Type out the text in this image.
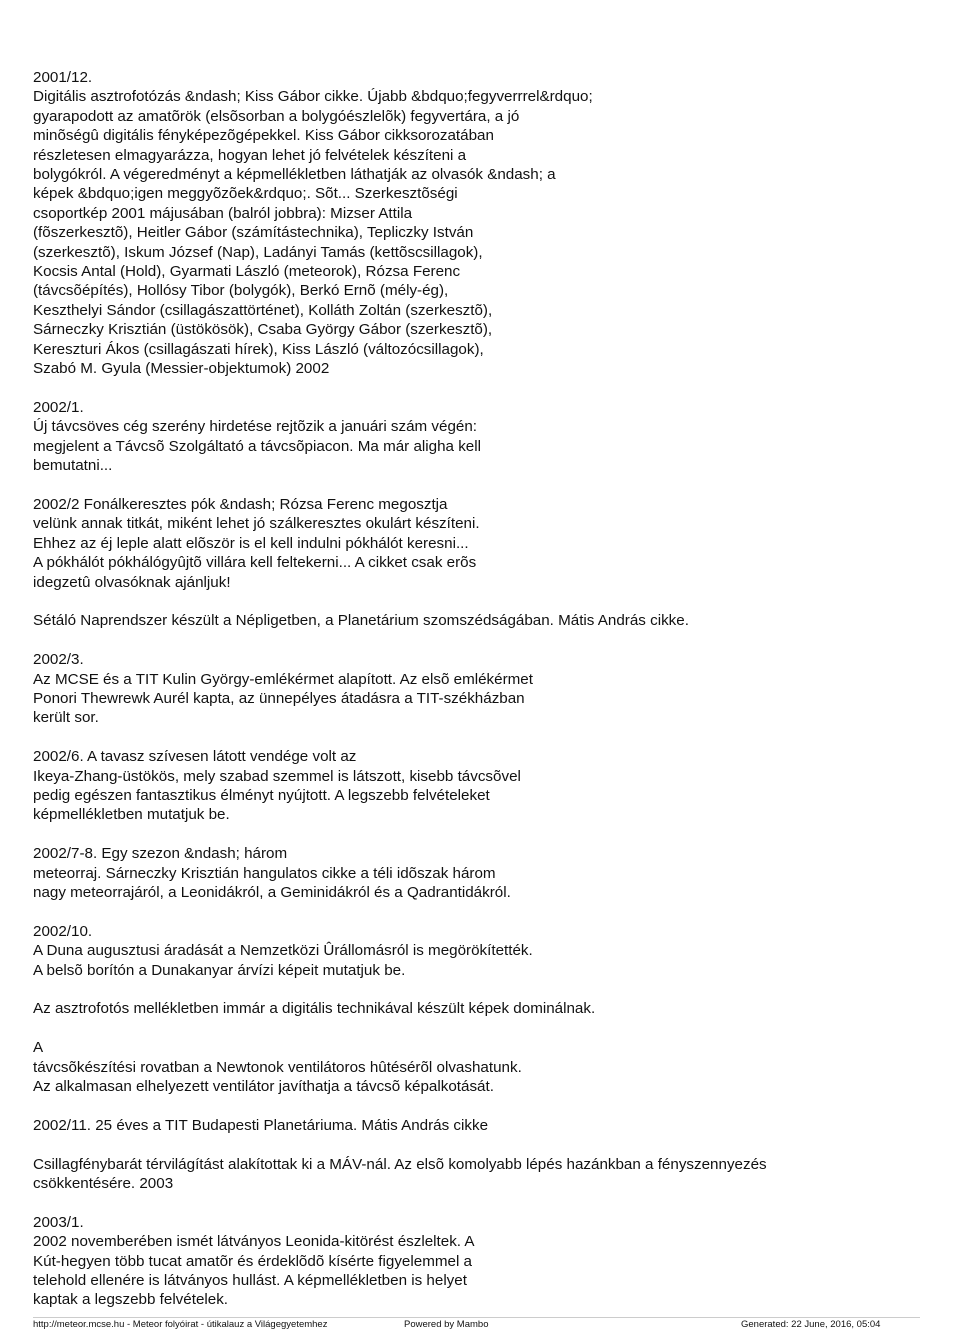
2001/12.
Digitális asztrofotózás &ndash; Kiss Gábor cikke. Újabb &bdquo;fegyverrrel&rdquo;
gyarapodott az amatõrök (elsõsorban a bolygóészlelõk) fegyvertára, a jó
minõségû digitális fényképezõgépekkel. Kiss Gábor cikksorozatában
részletesen elmagyarázza, hogyan lehet jó felvételek készíteni a
bolygókról. A végeredményt a képmellékletben láthatják az olvasók &ndash; a
képek &bdquo;igen meggyõzõek&rdquo;. Sõt... Szerkesztõségi
csoportkép 2001 májusában (balról jobbra): Mizser Attila
(fõszerkesztõ), Heitler Gábor (számítástechnika), Tepliczky István
(szerkesztõ), Iskum József (Nap), Ladányi Tamás (kettõscsillagok),
Kocsis Antal (Hold), Gyarmati László (meteorok), Rózsa Ferenc
(távcsõépítés), Hollósy Tibor (bolygók), Berkó Ernõ (mély-ég),
Keszthelyi Sándor (csillagászattörténet), Kolláth Zoltán (szerkesztõ),
Sárneczky Krisztián (üstökösök), Csaba György Gábor (szerkesztõ),
Kereszturi Ákos (csillagászati hírek), Kiss László (változócsillagok),
Szabó M. Gyula (Messier-objektumok) 2002
2002/1.
Új távcsöves cég szerény hirdetése rejtõzik a januári szám végén:
megjelent a Távcsõ Szolgáltató a távcsõpiacon. Ma már aligha kell
bemutatni...
2002/2 Fonálkeresztes pók &ndash; Rózsa Ferenc megosztja
velünk annak titkát, miként lehet jó szálkeresztes okulárt készíteni.
Ehhez az éj leple alatt elõször is el kell indulni pókhálót keresni...
A pókhálót pókhálógyûjtõ villára kell feltekerni... A cikket csak erõs
idegzetû olvasóknak ajánljuk!
Sétáló Naprendszer készült a Népligetben, a Planetárium szomszédságában. Mátis András cikke.
2002/3.
Az MCSE és a TIT Kulin György-emlékérmet alapított. Az elsõ emlékérmet
Ponori Thewrewk Aurél kapta, az ünnepélyes átadásra a TIT-székházban
került sor.
2002/6. A tavasz szívesen látott vendége volt az
Ikeya-Zhang-üstökös, mely szabad szemmel is látszott, kisebb távcsõvel
pedig egészen fantasztikus élményt nyújtott. A legszebb felvételeket
képmellékletben mutatjuk be.
2002/7-8. Egy szezon &ndash; három
meteorraj. Sárneczky Krisztián hangulatos cikke a téli idõszak három
nagy meteorrajáról, a Leonidákról, a Geminidákról és a Qadrantidákról.
2002/10.
A Duna augusztusi áradását a Nemzetközi Ûrállomásról is megörökítették.
A belsõ borítón a Dunakanyar árvízi képeit mutatjuk be.
Az asztrofotós mellékletben immár a digitális technikával készült képek dominálnak.
A
távcsõkészítési rovatban a Newtonok ventilátoros hûtésérõl olvashatunk.
Az alkalmasan elhelyezett ventilátor javíthatja a távcsõ képalkotását.
2002/11. 25 éves a TIT Budapesti Planetáriuma. Mátis András cikke
Csillagfénybarát térvilágítást alakítottak ki a MÁV-nál. Az elsõ komolyabb lépés hazánkban a fényszennyezés
csökkentésére. 2003
2003/1.
2002 novemberében ismét látványos Leonida-kitörést észleltek. A
Kút-hegyen több tucat amatõr és érdeklõdõ kísérte figyelemmel a
telehold ellenére is látványos hullást. A képmellékletben is helyet
kaptak a legszebb felvételek.
http://meteor.mcse.hu - Meteor folyóirat - útikalauz a Világegyetemhez	Powered by Mambo	Generated: 22 June, 2016, 05:04
